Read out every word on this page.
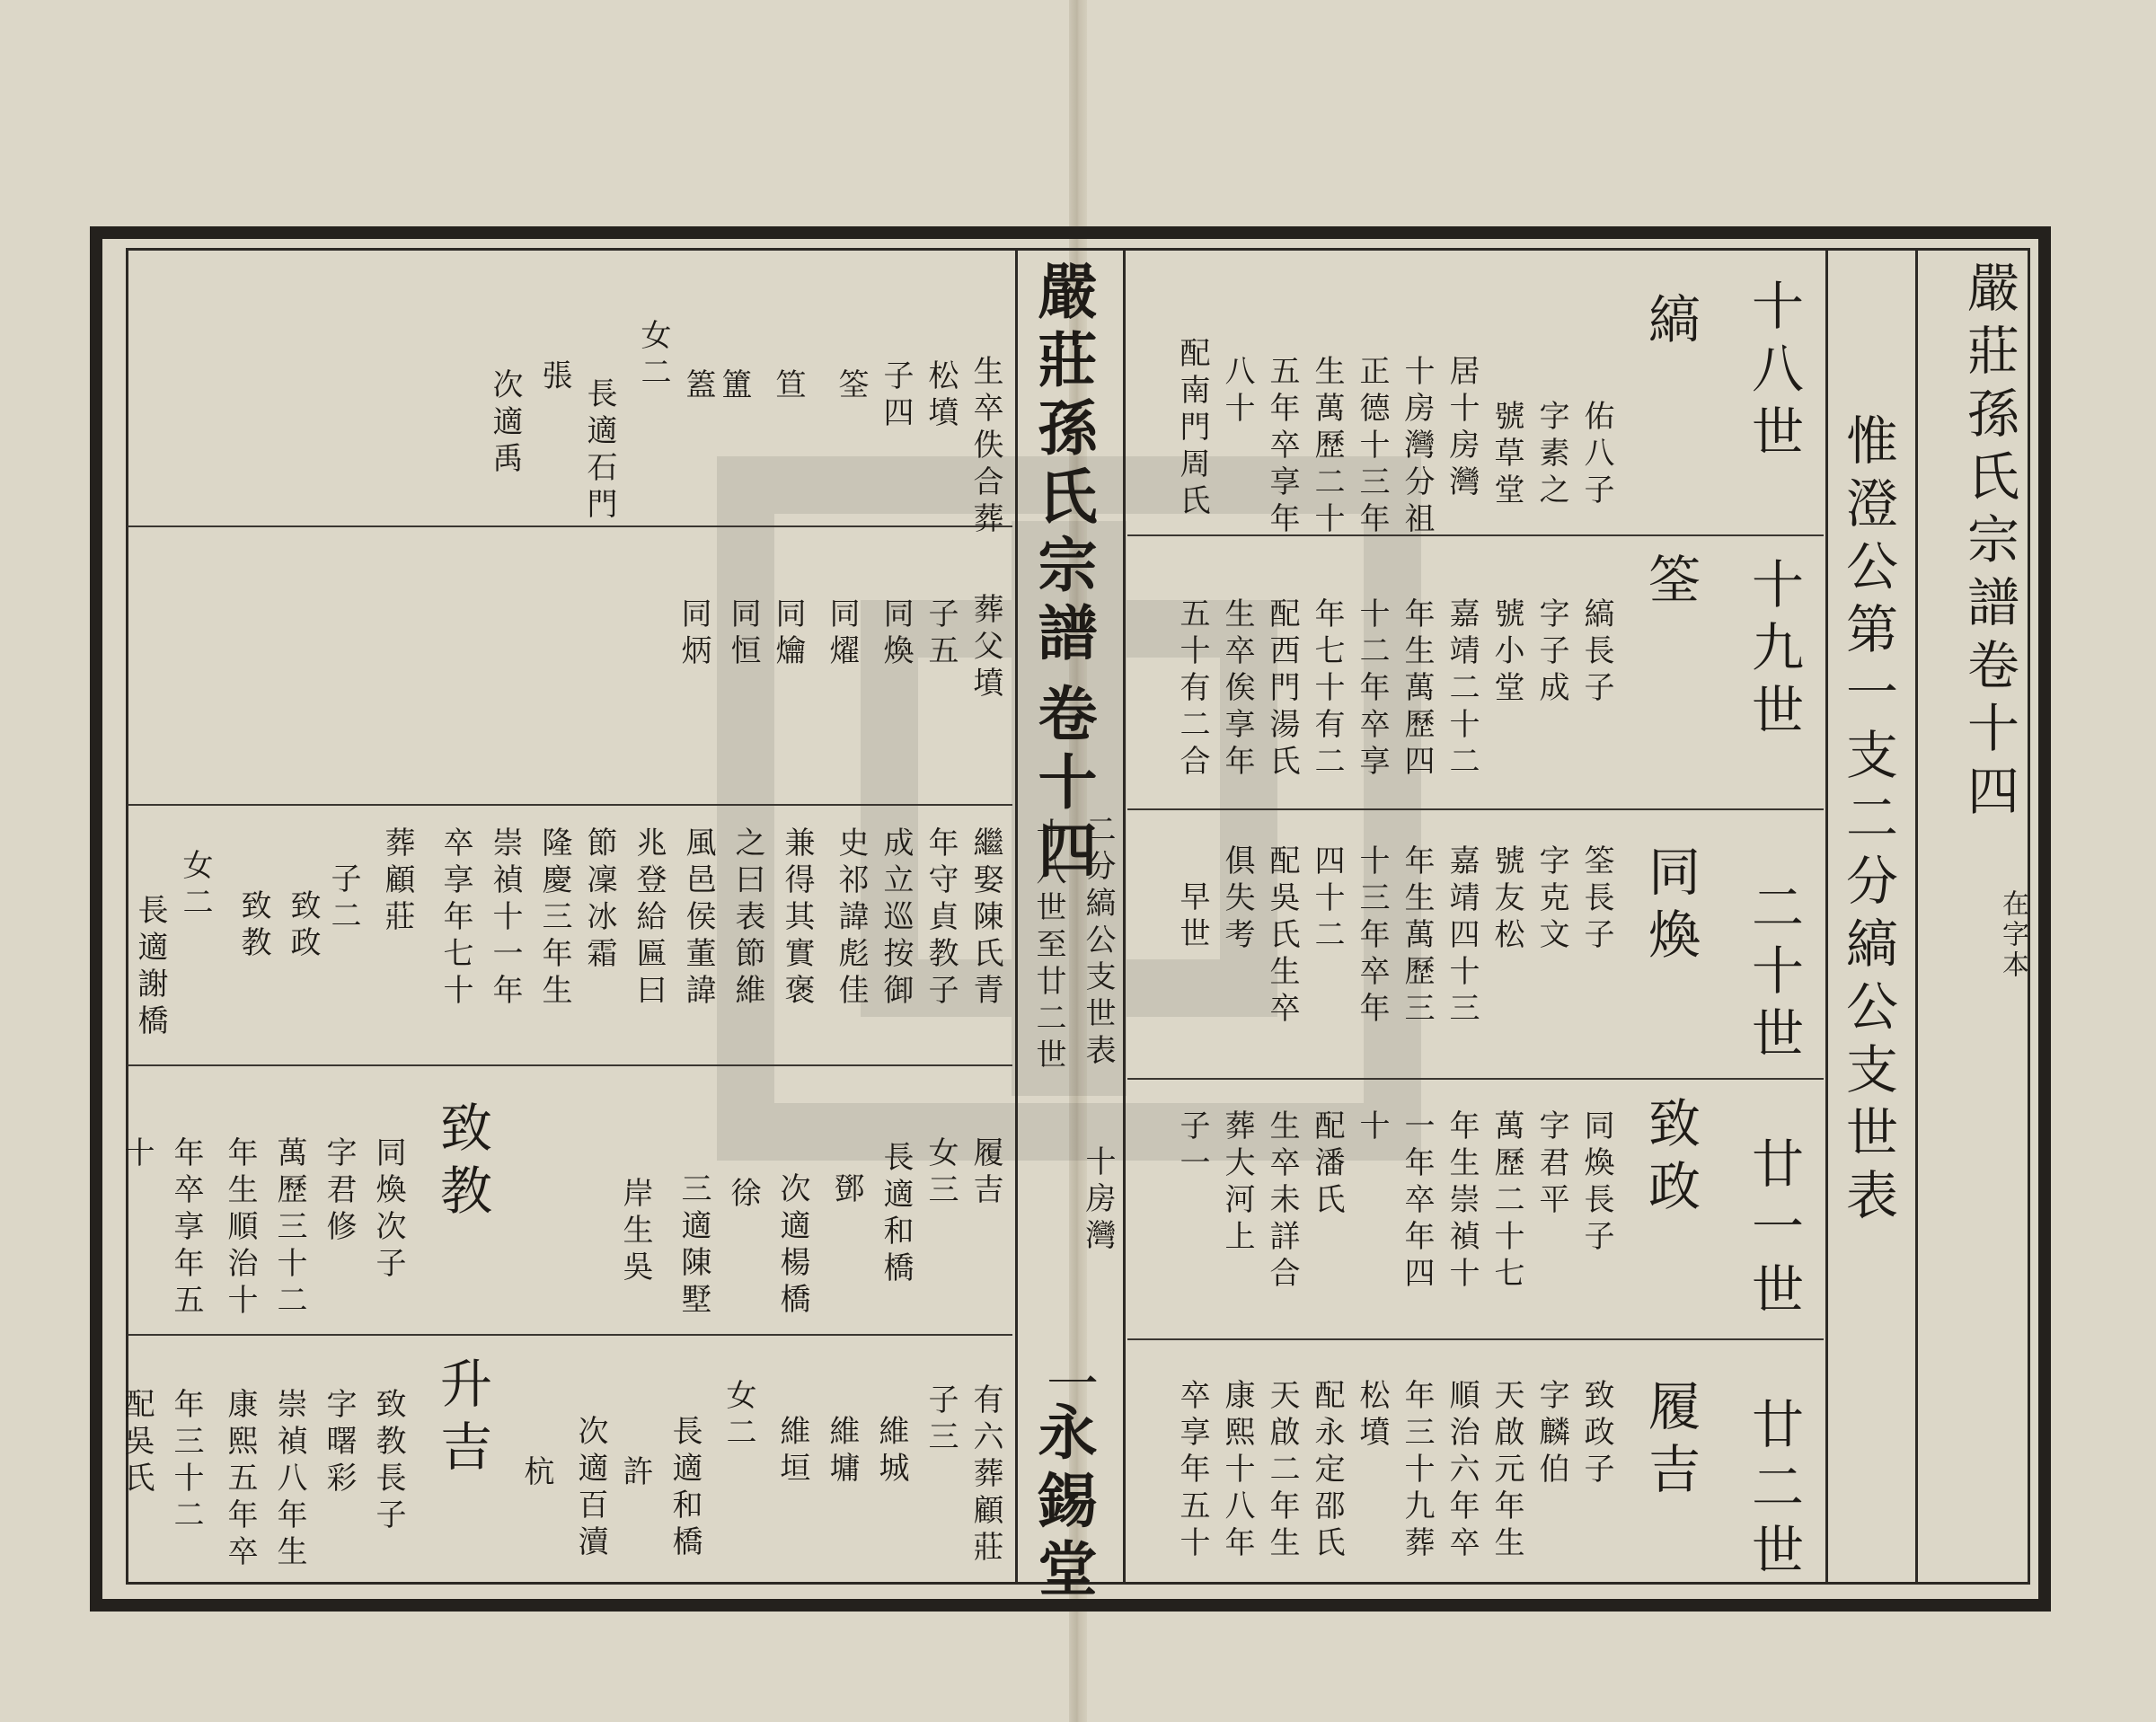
嚴莊孫氏宗譜卷十四
在字本
惟澄公第一支二分縞公支世表
十八世
十九世
二十世
廿一世
廿二世
縞
筌
同煥
致政
履吉
佑八子
字素之
號草堂
居十房灣
十房灣分祖
正德十三年
生萬歷二十
五年卒享年
八十
配南門周氏
縞長子
字子成
號小堂
嘉靖二十二
年生萬歷四
十二年卒享
年七十有二
配西門湯氏
生卒俟享年
五十有二合
筌長子
字克文
號友松
嘉靖四十三
年生萬歷三
十三年卒年
四十二
配吳氏生卒
俱失考
早世
同煥長子
字君平
萬歷二十七
年生崇禎十
一年卒年四
十
配潘氏
生卒未詳合
葬大河上
子一
致政子
字麟伯
天啟元年生
順治六年卒
年三十九葬
松墳
配永定邵氏
天啟二年生
康熙十八年
卒享年五十
嚴莊孫氏宗譜
卷十四
二分縞公支世表
十房灣
十八世至廿二世
一
永錫堂
生卒佚合葬
松墳
子四
筌
笪
簠
篕
女二
長適石門
張
次適禹
葬父墳
子五
同煥
同燿
同爚
同恒
同炳
繼娶陳氏青
年守貞教子
成立巡按御
史祁諱彪佳
兼得其實褒
之曰表節維
風邑侯董諱
兆登給匾曰
節凜冰霜
隆慶三年生
崇禎十一年
卒享年七十
葬顧莊
子二
致政
致教
女二
長適謝橋
履吉
女三
長適和橋
鄧
次適楊橋
徐
三適陳墅
岸生吳
有六葬顧莊
子三
維城
維墉
維垣
女二
長適和橋
許
次適百瀆
杭
致教
同煥次子
字君修
萬歷三十二
年生順治十
年卒享年五
十
升吉
致教長子
字曙彩
崇禎八年生
康熙五年卒
年三十二
配吳氏
